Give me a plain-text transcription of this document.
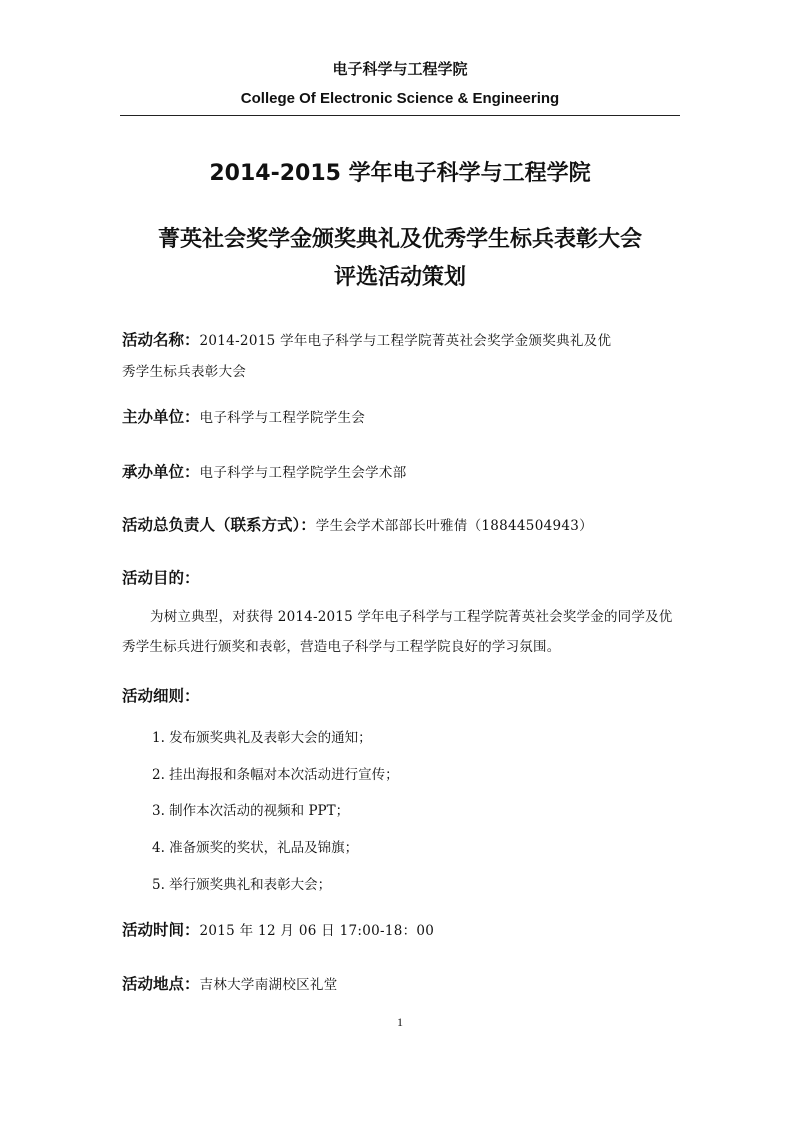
电子科学与工程学院
College Of Electronic Science & Engineering
2014-2015 学年电子科学与工程学院
菁英社会奖学金颁奖典礼及优秀学生标兵表彰大会
评选活动策划
活动名称：2014-2015 学年电子科学与工程学院菁英社会奖学金颁奖典礼及优
秀学生标兵表彰大会
主办单位：电子科学与工程学院学生会
承办单位：电子科学与工程学院学生会学术部
活动总负责人（联系方式）：学生会学术部部长叶雅倩（18844504943）
活动目的：
为树立典型，对获得 2014-2015 学年电子科学与工程学院菁英社会奖学金的同学及优秀学生标兵进行颁奖和表彰，营造电子科学与工程学院良好的学习氛围。
活动细则：
1. 发布颁奖典礼及表彰大会的通知；
2. 挂出海报和条幅对本次活动进行宣传；
3. 制作本次活动的视频和 PPT；
4. 准备颁奖的奖状，礼品及锦旗；
5. 举行颁奖典礼和表彰大会；
活动时间：2015 年 12 月 06 日 17:00-18：00
活动地点：吉林大学南湖校区礼堂
1
